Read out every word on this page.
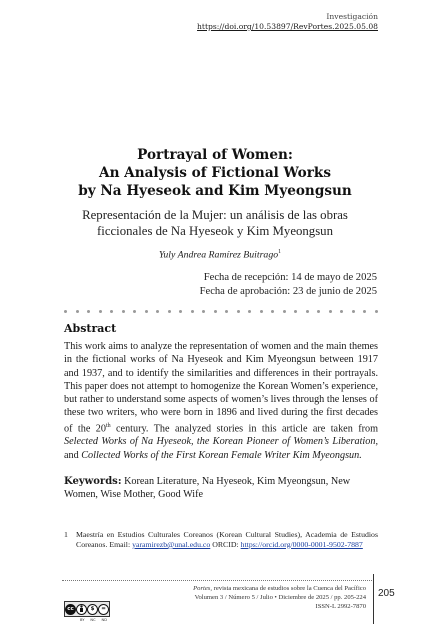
Investigación
https://doi.org/10.53897/RevPortes.2025.05.08
Portrayal of Women:
An Analysis of Fictional Works
by Na Hyeseok and Kim Myeongsun
Representación de la Mujer: un análisis de las obras
ficcionales de Na Hyeseok y Kim Myeongsun
Yuly Andrea Ramírez Buitrago$^1$
Fecha de recepción: 14 de mayo de 2025
Fecha de aprobación: 23 de junio de 2025
Abstract
This work aims to analyze the representation of women and the main themes in the fictional works of Na Hyeseok and Kim Myeongsun between 1917 and 1937, and to identify the similarities and differences in their portrayals. This paper does not attempt to homogenize the Korean Women’s experience, but rather to understand some aspects of women’s lives through the lenses of these two writers, who were born in 1896 and lived during the first decades of the 20th century. The analyzed stories in this article are taken from Selected Works of Na Hyeseok, the Korean Pioneer of Women’s Liberation, and Collected Works of the First Korean Female Writer Kim Myeongsun.
Keywords: Korean Literature, Na Hyeseok, Kim Myeongsun, New Women, Wise Mother, Good Wife
1	Maestría en Estudios Culturales Coreanos (Korean Cultural Studies), Academia de Estudios Coreanos. Email: yaramirezb@unal.edu.co ORCID: https://orcid.org/0000-0001-9502-7887
205
Portes, revista mexicana de estudios sobre la Cuenca del Pacífico
Volumen 3 / Número 5 / Julio • Diciembre de 2025 / pp. 205-224
ISSN-L 2992-7870
cc	$	=
BY NC ND
